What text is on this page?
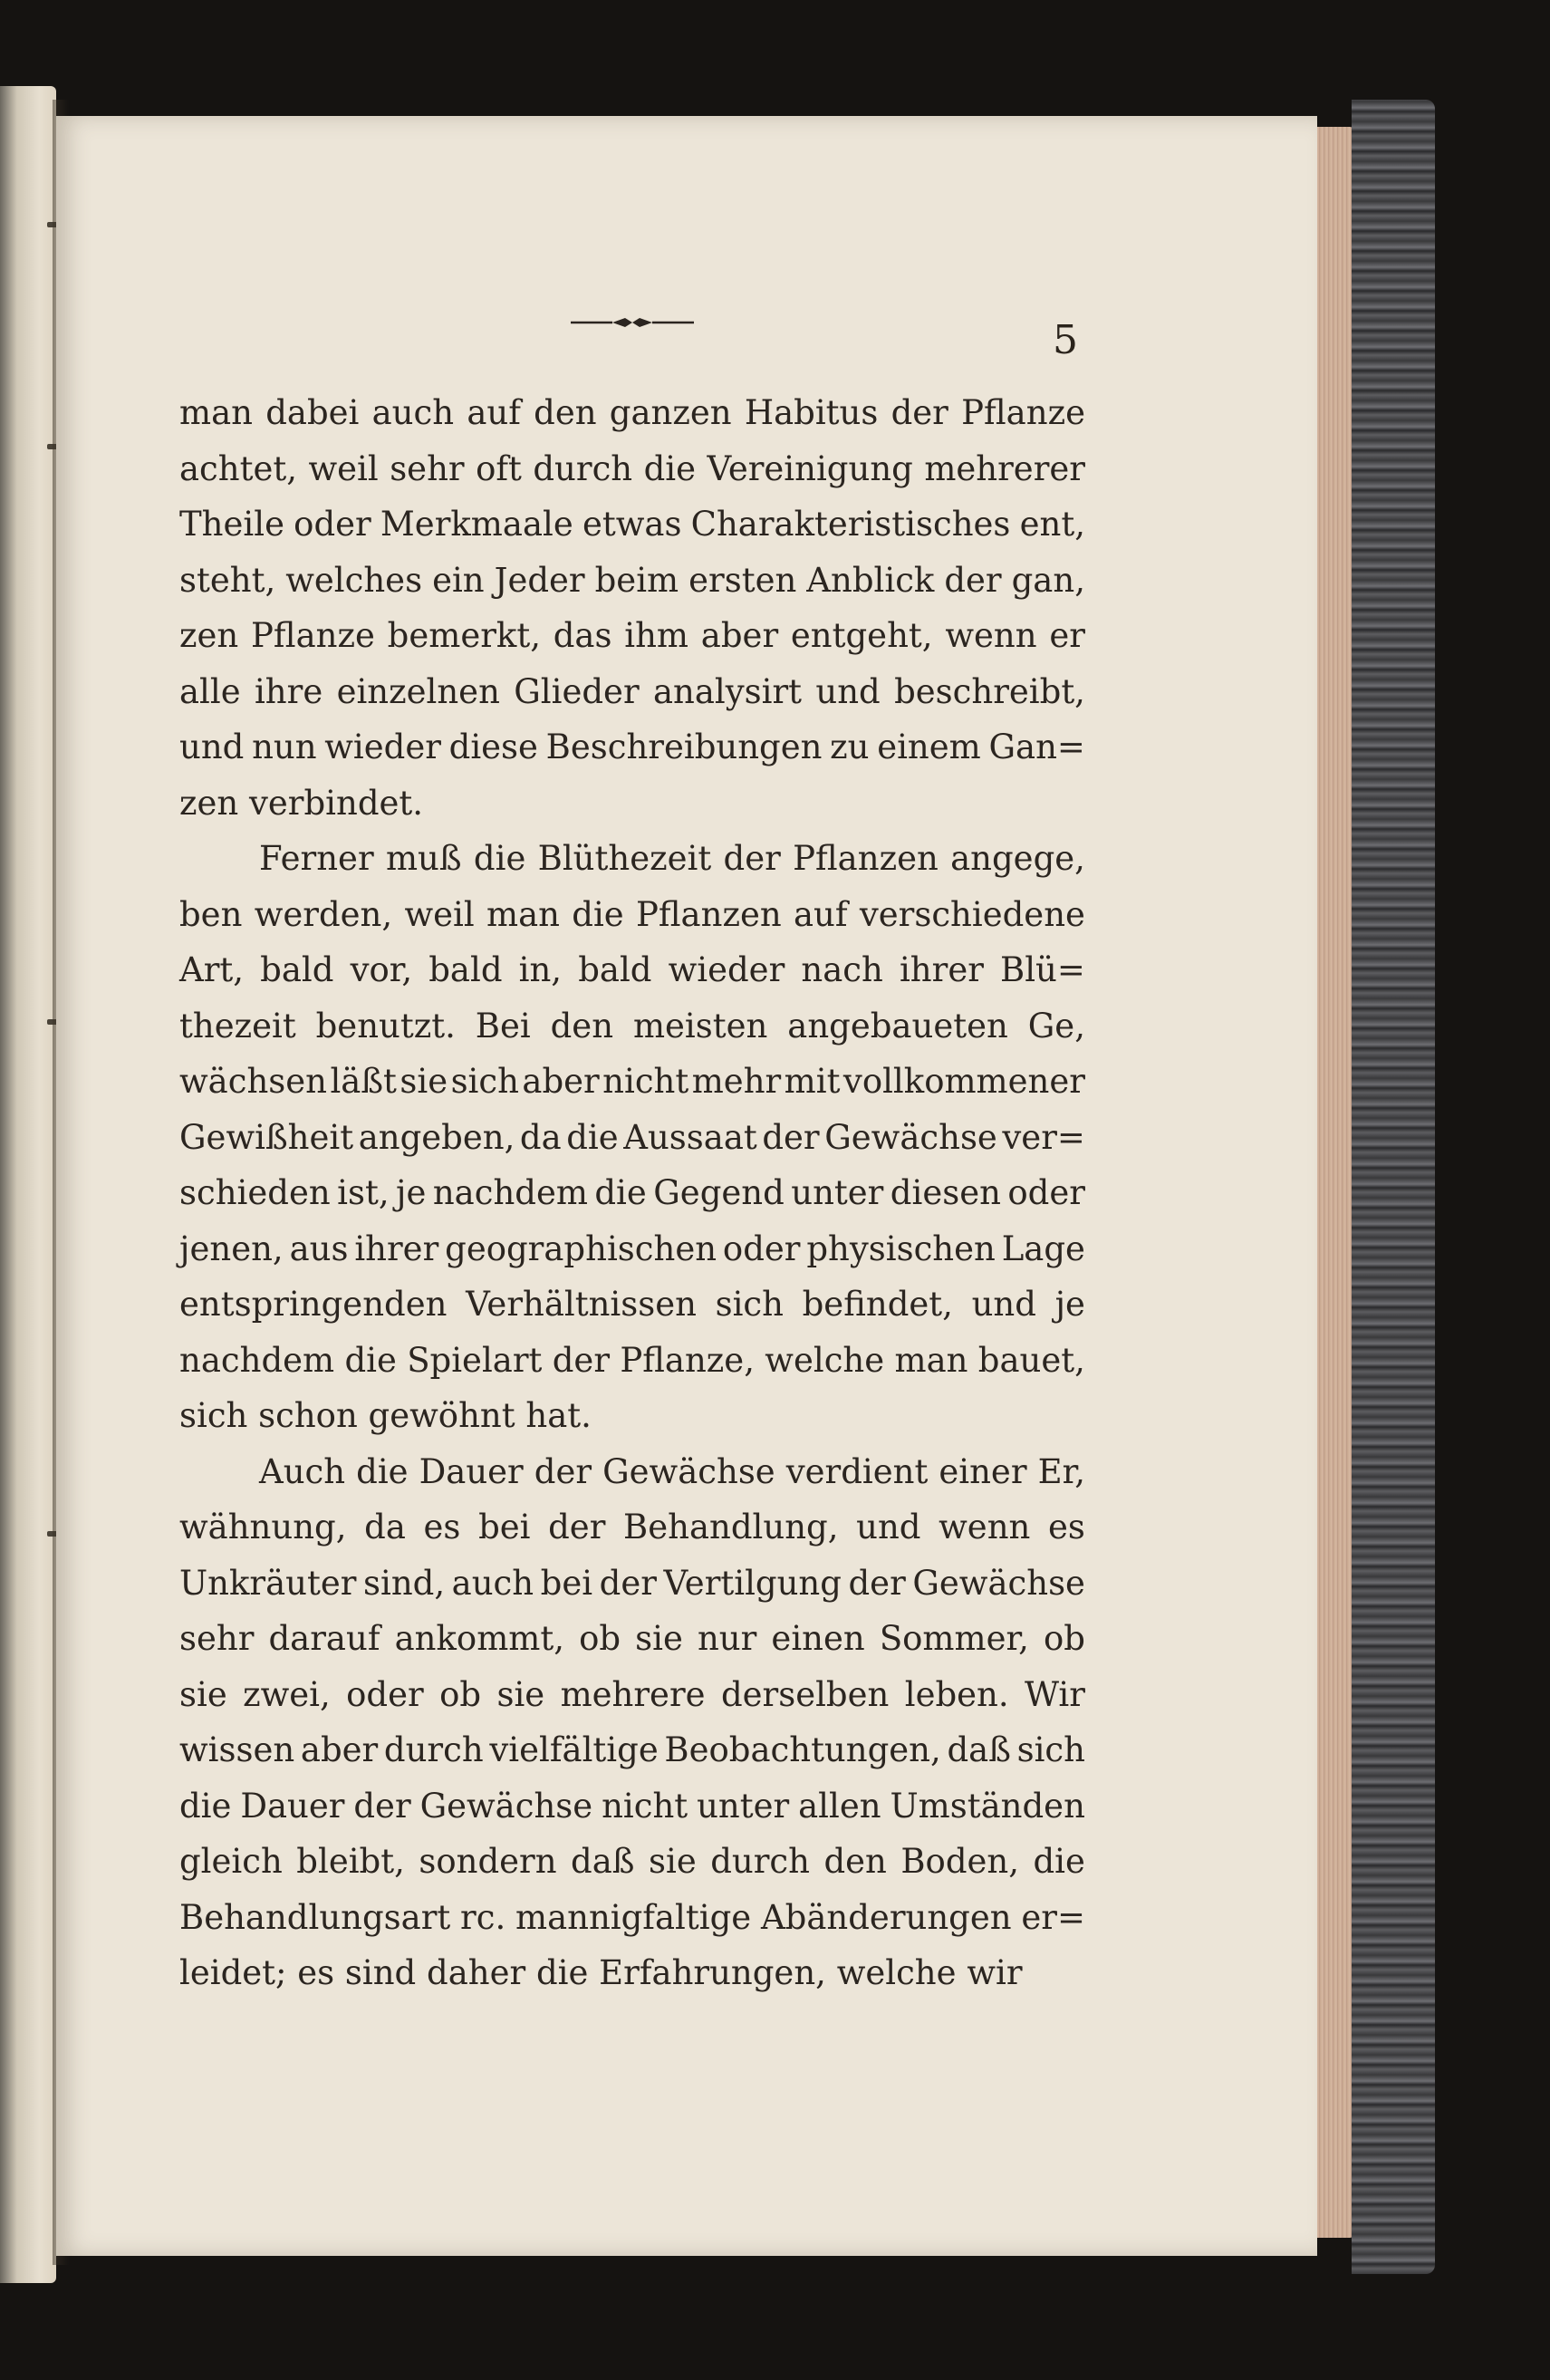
5
man dabei auch auf den ganzen Habitus der Pflanze
achtet, weil sehr oft durch die Vereinigung mehrerer
Theile oder Merkmaale etwas Charakteristisches ent,
steht, welches ein Jeder beim ersten Anblick der gan,
zen Pflanze bemerkt, das ihm aber entgeht, wenn er
alle ihre einzelnen Glieder analysirt und beschreibt,
und nun wieder diese Beschreibungen zu einem Gan=
zen verbindet.
Ferner muß die Blüthezeit der Pflanzen angege,
ben werden, weil man die Pflanzen auf verschiedene
Art, bald vor, bald in, bald wieder nach ihrer Blü=
thezeit benutzt. Bei den meisten angebaueten Ge,
wächsen läßt sie sich aber nicht mehr mit vollkommener
Gewißheit angeben, da die Aussaat der Gewächse ver=
schieden ist, je nachdem die Gegend unter diesen oder
jenen, aus ihrer geographischen oder physischen Lage
entspringenden Verhältnissen sich befindet, und je
nachdem die Spielart der Pflanze, welche man bauet,
sich schon gewöhnt hat.
Auch die Dauer der Gewächse verdient einer Er,
wähnung, da es bei der Behandlung, und wenn es
Unkräuter sind, auch bei der Vertilgung der Gewächse
sehr darauf ankommt, ob sie nur einen Sommer, ob
sie zwei, oder ob sie mehrere derselben leben. Wir
wissen aber durch vielfältige Beobachtungen, daß sich
die Dauer der Gewächse nicht unter allen Umständen
gleich bleibt, sondern daß sie durch den Boden, die
Behandlungsart rc. mannigfaltige Abänderungen er=
leidet; es sind daher die Erfahrungen, welche wir
